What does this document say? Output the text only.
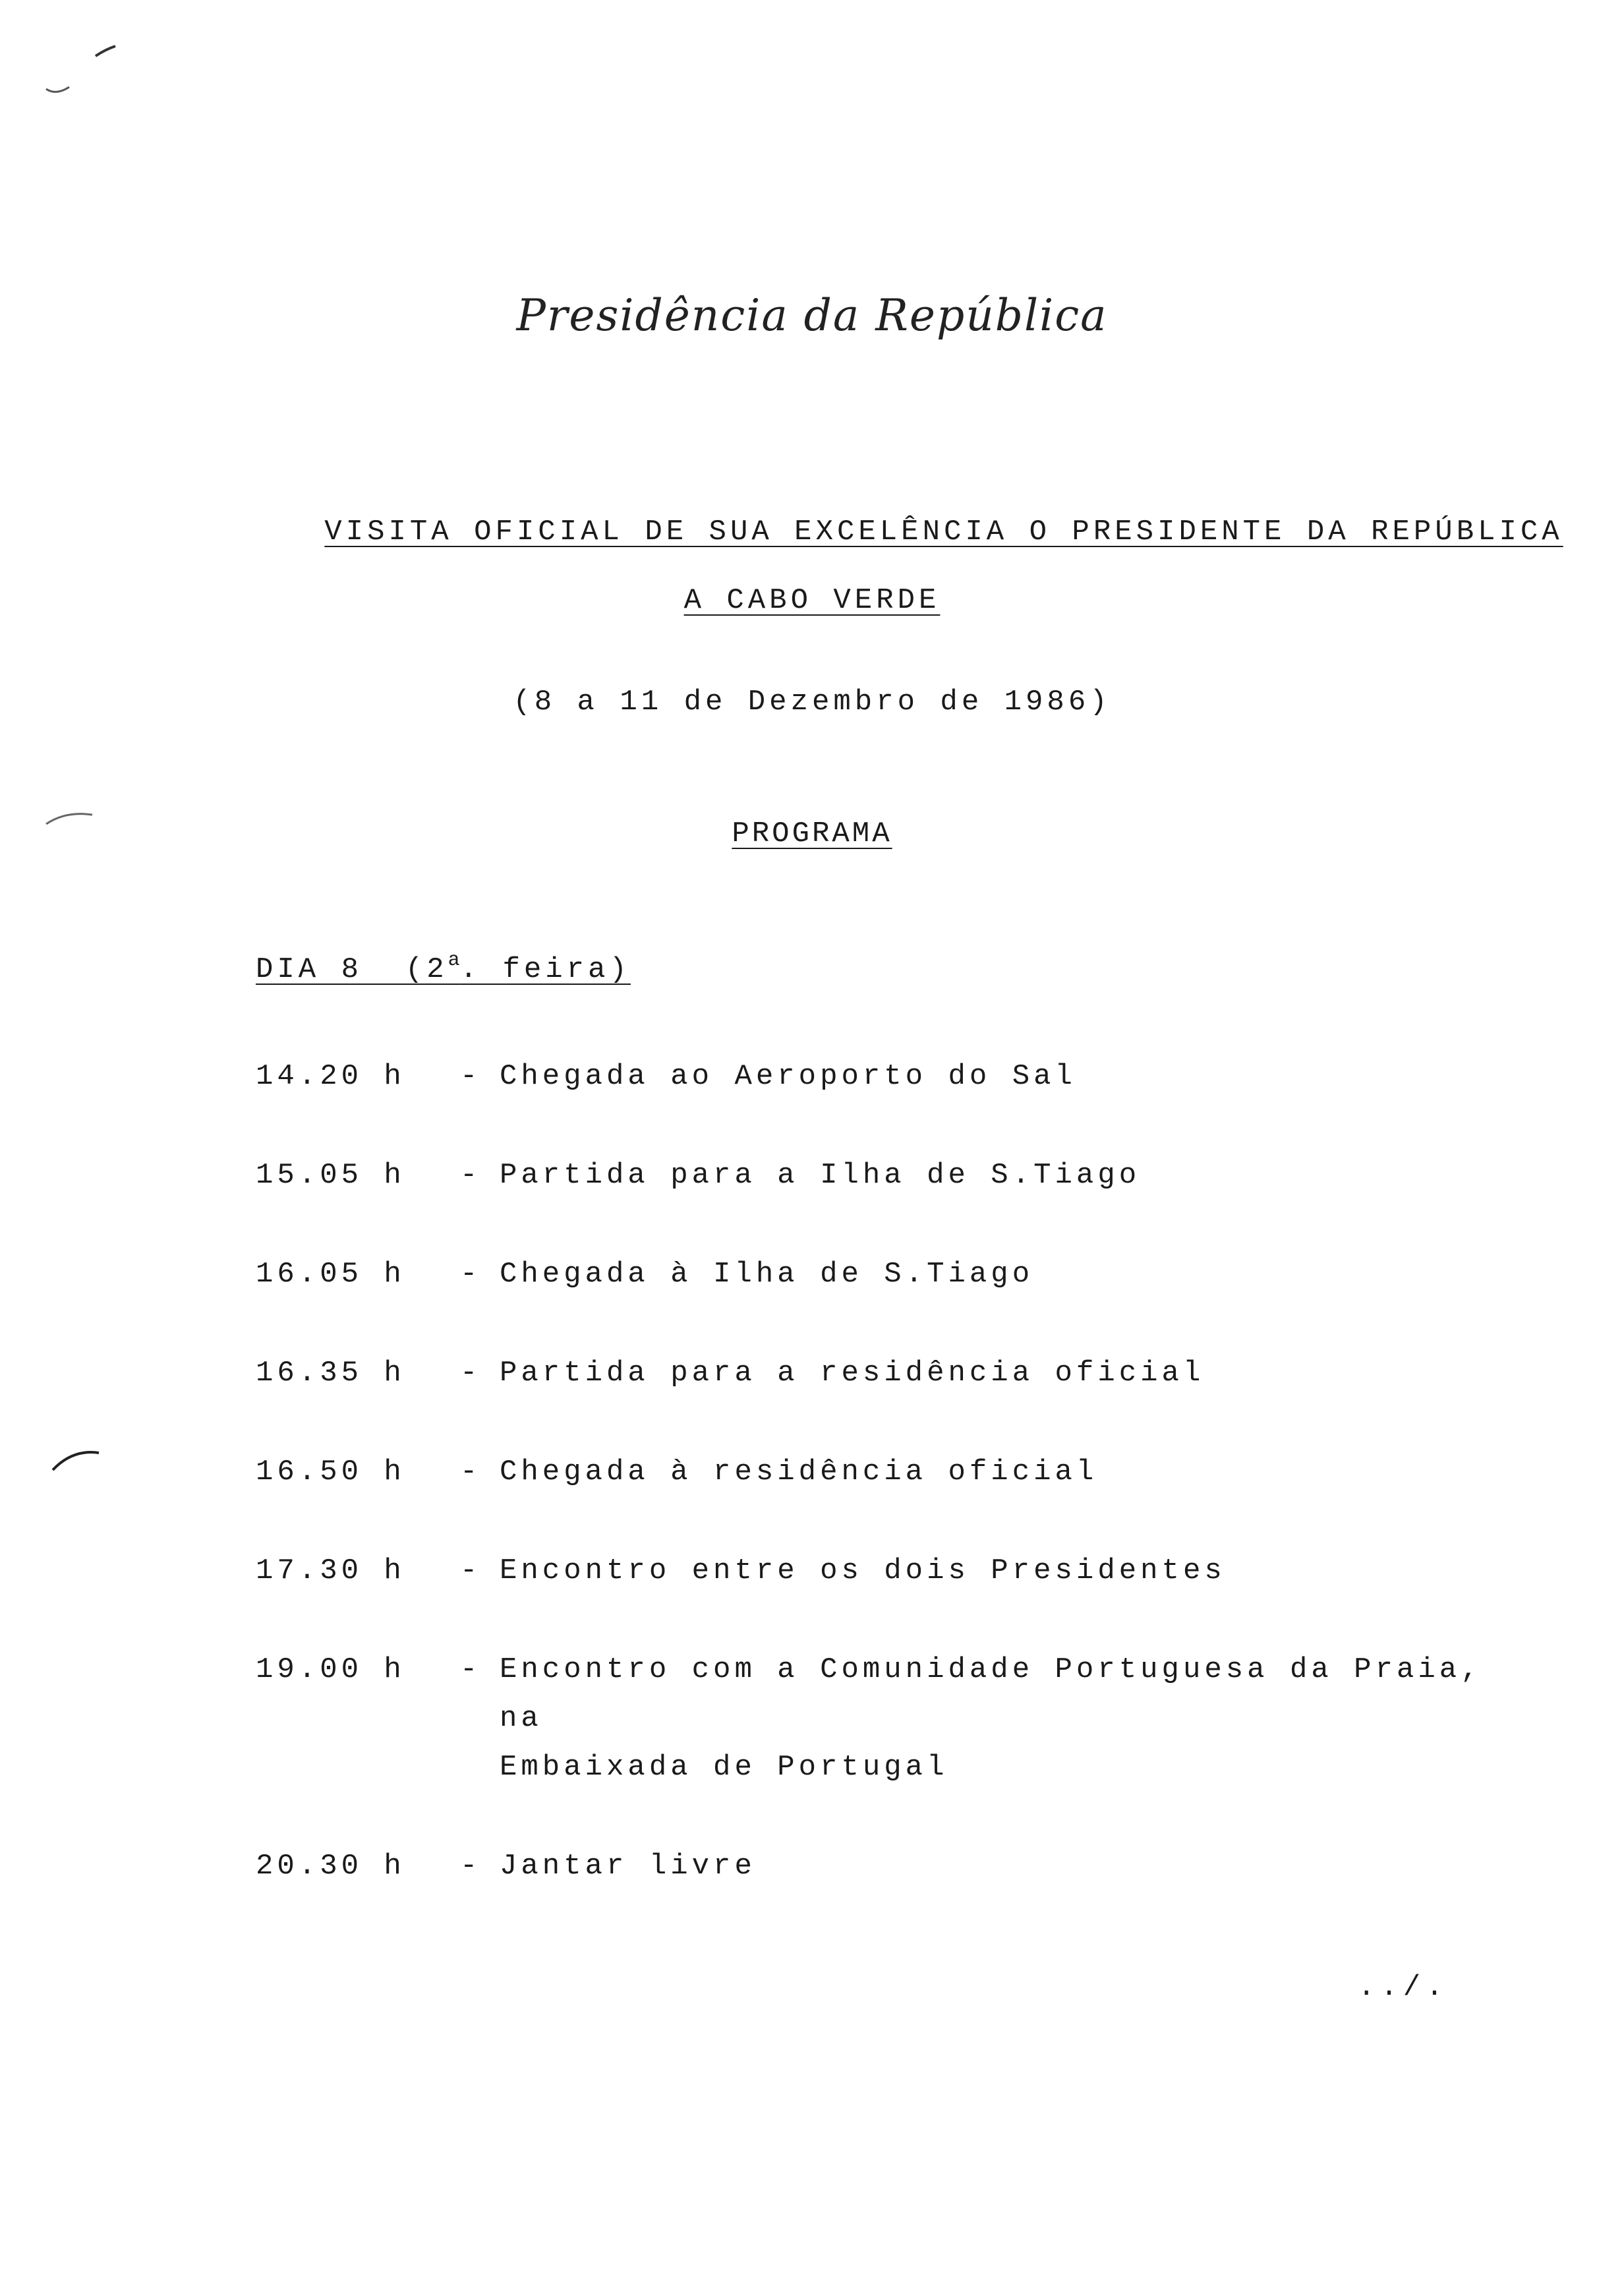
Presidência da República
VISITA OFICIAL DE SUA EXCELÊNCIA O PRESIDENTE DA REPÚBLICA
A CABO VERDE
(8 a 11 de Dezembro de 1986)
PROGRAMA
DIA 8  (2$^a$. feira)
14.20 h	- Chegada ao Aeroporto do Sal
15.05 h	- Partida para a Ilha de S.Tiago
16.05 h	- Chegada à Ilha de S.Tiago
16.35 h	- Partida para a residência oficial
16.50 h	- Chegada à residência oficial
17.30 h	- Encontro entre os dois Presidentes
19.00 h	- Encontro com a Comunidade Portuguesa da Praia, na
Embaixada de Portugal
20.30 h	- Jantar livre
../.
